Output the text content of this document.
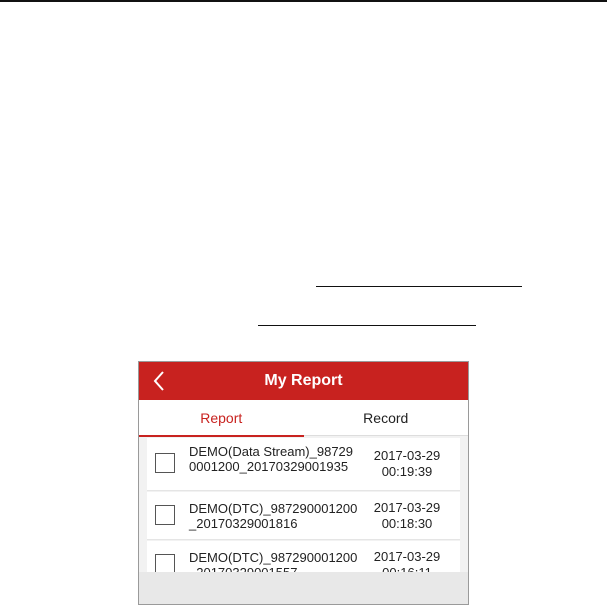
My Report
Report	Record
DEMO(Data Stream)_987290001200_20170329001935
2017-03-29
00:19:39
DEMO(DTC)_987290001200_20170329001816
2017-03-29
00:18:30
DEMO(DTC)_987290001200	2017-03-29
